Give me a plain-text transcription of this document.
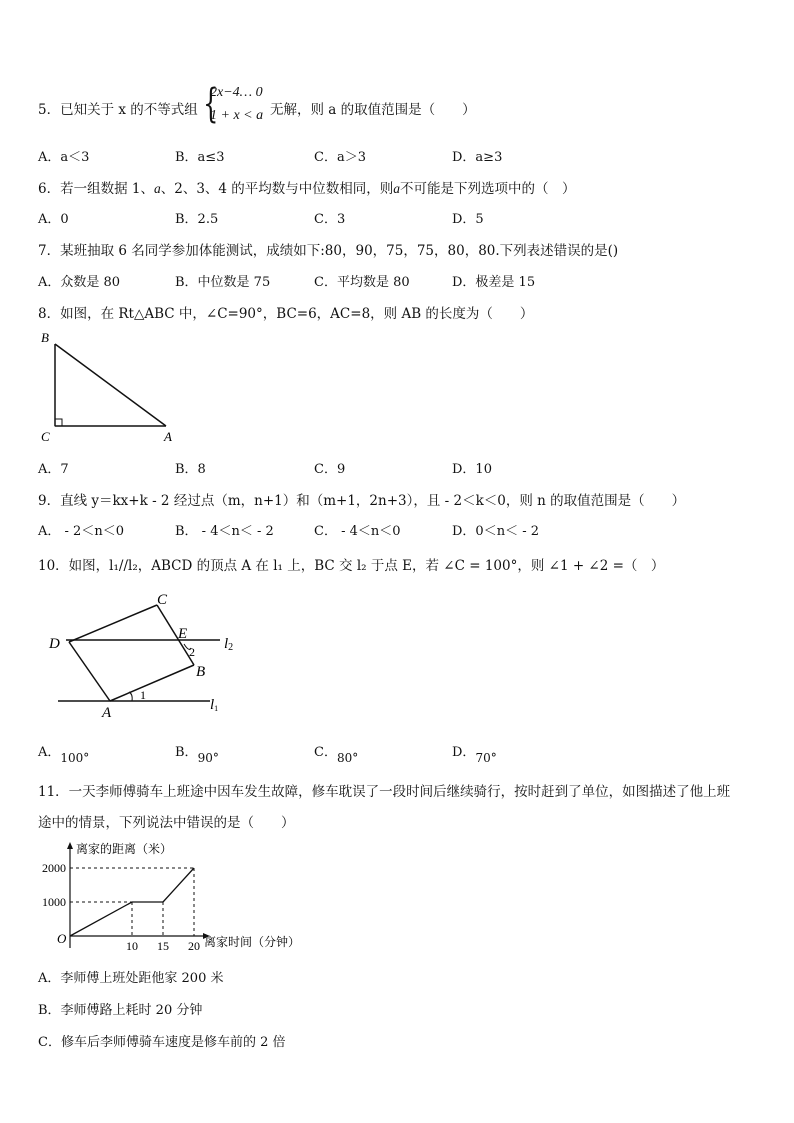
5．已知关于 x 的不等式组 {
2x−4… 0
1 + x < a 无解，则 a 的取值范围是（　　）
A．a＜3	B．a≤3	C．a＞3	D．a≥3
6．若一组数据 1、a、2、3、4 的平均数与中位数相同，则a不可能是下列选项中的（　）
A．0	B．2.5	C．3	D．5
7．某班抽取 6 名同学参加体能测试，成绩如下:80，90，75，75，80，80.下列表述错误的是()
A．众数是 80	B．中位数是 75	C．平均数是 80	D．极差是 15
8．如图，在 Rt△ABC 中，∠C=90°，BC=6，AC=8，则 AB 的长度为（　　）
B
C	A
A．7	B．8	C．9	D．10
9．直线 y＝kx+k - 2 经过点（m，n+1）和（m+1，2n+3），且 - 2＜k＜0，则 n 的取值范围是（　　）
A． - 2＜n＜0	B． - 4＜n＜ - 2	C． - 4＜n＜0	D．0＜n＜ - 2
10．如图，l₁//l₂，ABCD 的顶点 A 在 l₁ 上，BC 交 l₂ 于点 E，若 ∠C = 100°，则 ∠1 + ∠2 =（　）
C
D
E
B
A
2
1
l2
l1
A．100°	B．90°	C．80°	D．70°
11．一天李师傅骑车上班途中因车发生故障，修车耽误了一段时间后继续骑行，按时赶到了单位，如图描述了他上班
途中的情景，下列说法中错误的是（　　）
离家的距离（米）
离家时间（分钟）
O
1000
2000
10 15 20
A．李师傅上班处距他家 200 米
B．李师傅路上耗时 20 分钟
C．修车后李师傅骑车速度是修车前的 2 倍
